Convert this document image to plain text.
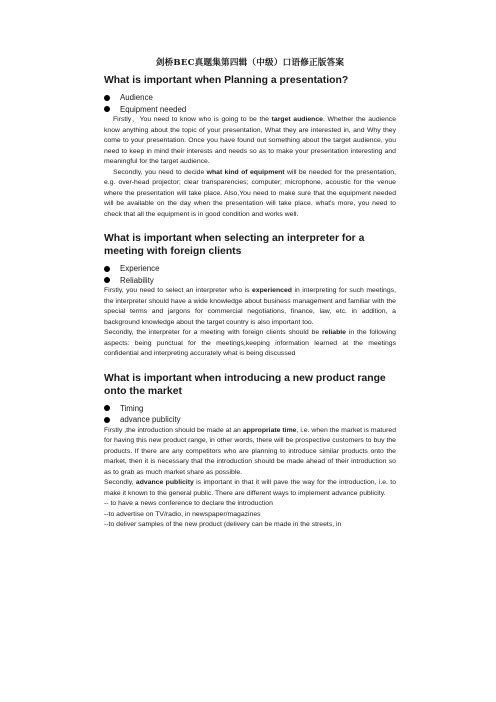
剑桥BEC真题集第四辑（中级）口语修正版答案
What is important when Planning a presentation?
Audience
Equipment needed

Firstly，You need to know who is going to be the target audience. Whether the audience know anything about the topic of your presentation, What they are interested in, and Why they come to your presentation. Once you have found out something about the target audience, you need to keep in mind their interests and needs so as to make your presentation interesting and meaningful for the target audience.

Secondly, you need to decide what kind of equipment will be needed for the presentation, e.g. over-head projector; clear transparencies; computer; microphone, acoustic for the venue where the presentation will take place. Also,You need to make sure that the equipment needed will be available on the day when the presentation will take place. what's more, you need to check that all the equipment is in good condition and works well.

What is important when selecting an interpreter for a meeting with foreign clients
Experience
Reliability

Firstly, you need to select an interpreter who is experienced in interpreting for such meetings, the interpreter should have a wide knowledge about business management and familiar with the special terms and jargons for commercial negotiations, finance, law, etc. in addition, a background knowledge about the target country is also important too.

Secondly, the interpreter for a meeting with foreign clients should be reliable in the following aspects: being punctual for the meetings,keeping information learned at the meetings confidential and interpreting accurately what is being discussed

What is important when introducing a new product range onto the market
Timing
advance publicity

Firstly ,the introduction should be made at an appropriate time, i.e. when the market is matured for having this new product range, in other words, there will be prospective customers to buy the products. If there are any competitors who are planning to introduce similar products onto the market, then it is necessary that the introduction should be made ahead of their introduction so as to grab as much market share as possible.

Secondly, advance publicity is important in that it will pave the way for the introduction, i.e. to make it known to the general public. There are different ways to implement advance publicity.

-- to have a news conference to declare the introduction

--to advertise on TV/radio, in newspaper/magazines

--to deliver samples of the new product (delivery can be made in the streets, in
